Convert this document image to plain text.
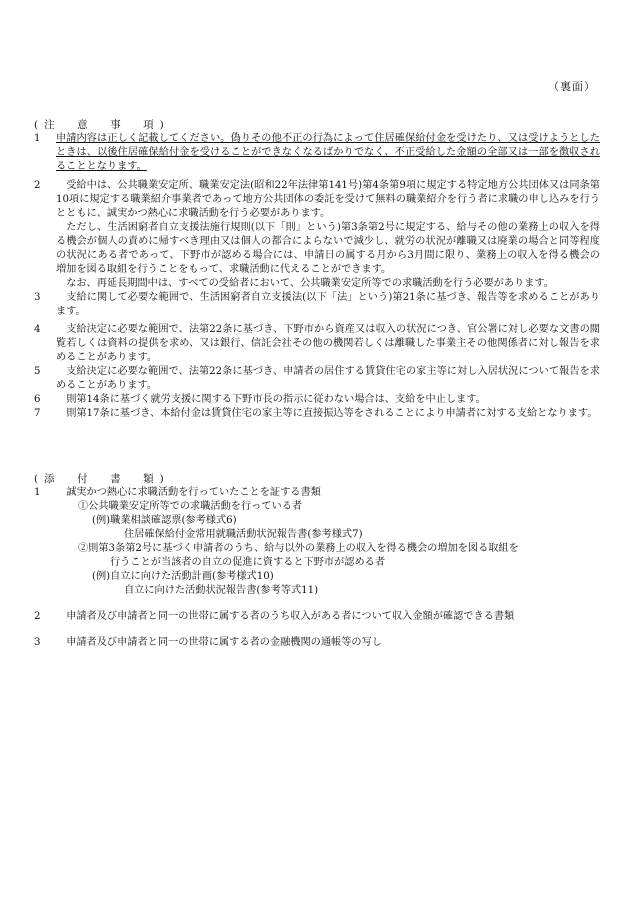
（裏面）
(注　意　事　項)
1	申請内容は正しく記載してください。偽りその他不正の行為によって住居確保給付金を受けたり、又は受けようとしたときは、以後住居確保給付金を受けることができなくなるばかりでなく、不正受給した金額の全部又は一部を徴収されることとなります。
2	受給中は、公共職業安定所、職業安定法(昭和22年法律第141号)第4条第9項に規定する特定地方公共団体又は同条第10項に規定する職業紹介事業者であって地方公共団体の委託を受けて無料の職業紹介を行う者に求職の申し込みを行うとともに、誠実かつ熱心に求職活動を行う必要があります。
ただし、生活困窮者自立支援法施行規則(以下「則」という)第3条第2号に規定する、給与その他の業務上の収入を得る機会が個人の責めに帰すべき理由又は個人の都合によらないで減少し、就労の状況が離職又は廃業の場合と同等程度の状況にある者であって、下野市が認める場合には、申請日の属する月から3月間に限り、業務上の収入を得る機会の増加を図る取組を行うことをもって、求職活動に代えることができます。
なお、再延長期間中は、すべての受給者において、公共職業安定所等での求職活動を行う必要があります。
3	支給に関して必要な範囲で、生活困窮者自立支援法(以下「法」という)第21条に基づき、報告等を求めることがあります。
4	支給決定に必要な範囲で、法第22条に基づき、下野市から資産又は収入の状況につき、官公署に対し必要な文書の閲覧若しくは資料の提供を求め、又は銀行、信託会社その他の機関若しくは離職した事業主その他関係者に対し報告を求めることがあります。
5	支給決定に必要な範囲で、法第22条に基づき、申請者の居住する賃貸住宅の家主等に対し入居状況について報告を求めることがあります。
6	則第14条に基づく就労支援に関する下野市長の指示に従わない場合は、支給を中止します。
7	則第17条に基づき、本給付金は賃貸住宅の家主等に直接振込等をされることにより申請者に対する支給となります。
(添　付　書　類)
1	誠実かつ熱心に求職活動を行っていたことを証する書類
①公共職業安定所等での求職活動を行っている者
(例)職業相談確認票(参考様式6)
住居確保給付金常用就職活動状況報告書(参考様式7)
②則第3条第2号に基づく申請者のうち、給与以外の業務上の収入を得る機会の増加を図る取組を
行うことが当該者の自立の促進に資すると下野市が認める者
(例)自立に向けた活動計画(参考様式10)
自立に向けた活動状況報告書(参考等式11)
2	申請者及び申請者と同一の世帯に属する者のうち収入がある者について収入金額が確認できる書類
3	申請者及び申請者と同一の世帯に属する者の金融機関の通帳等の写し
